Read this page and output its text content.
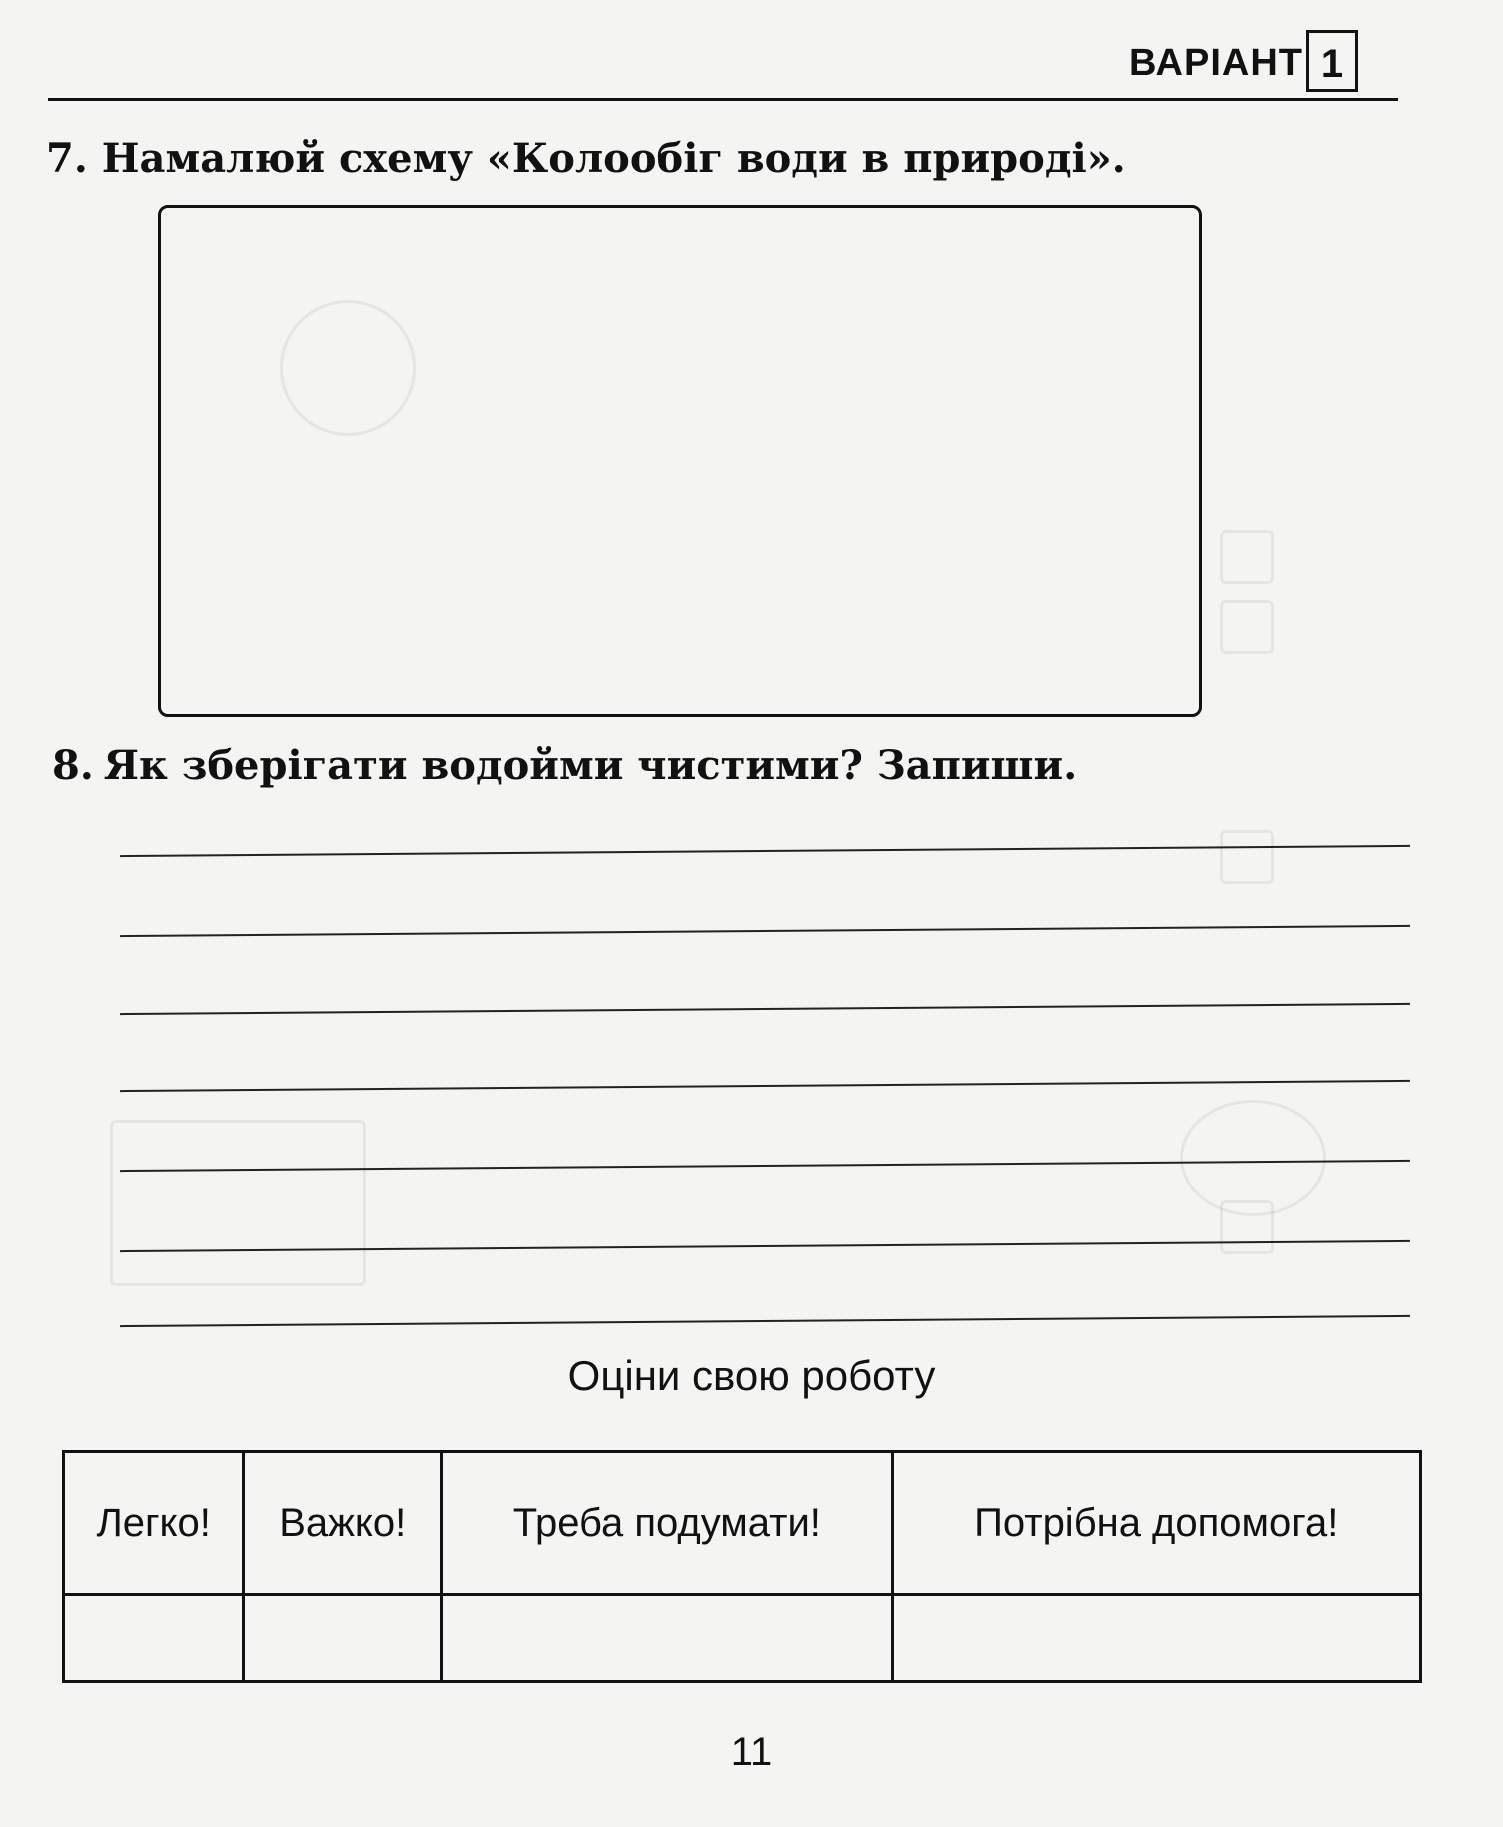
ВАРІАНТ 1
7. Намалюй схему «Колообіг води в природі».
8. Як зберігати водойми чистими? Запиши.
Оціни свою роботу
Легко!	Важко!	Треба подумати!	Потрібна допомога!

11
